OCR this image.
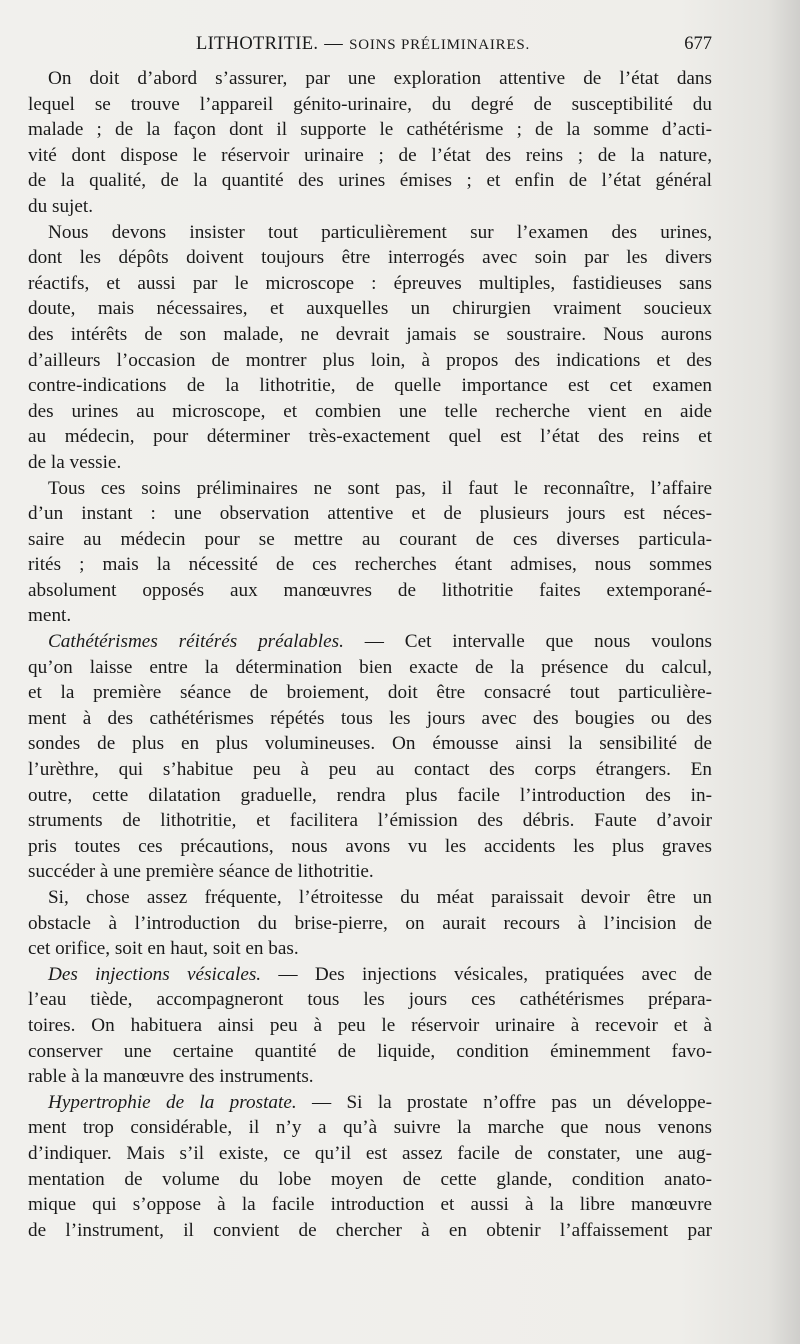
LITHOTRITIE. — SOINS PRÉLIMINAIRES.	677
On doit d’abord s’assurer, par une exploration attentive de l’état dans
lequel se trouve l’appareil génito-urinaire, du degré de susceptibilité du
malade ; de la façon dont il supporte le cathétérisme ; de la somme d’acti-
vité dont dispose le réservoir urinaire ; de l’état des reins ; de la nature,
de la qualité, de la quantité des urines émises ; et enfin de l’état général
du sujet.
Nous devons insister tout particulièrement sur l’examen des urines,
dont les dépôts doivent toujours être interrogés avec soin par les divers
réactifs, et aussi par le microscope : épreuves multiples, fastidieuses sans
doute, mais nécessaires, et auxquelles un chirurgien vraiment soucieux
des intérêts de son malade, ne devrait jamais se soustraire. Nous aurons
d’ailleurs l’occasion de montrer plus loin, à propos des indications et des
contre-indications de la lithotritie, de quelle importance est cet examen
des urines au microscope, et combien une telle recherche vient en aide
au médecin, pour déterminer très-exactement quel est l’état des reins et
de la vessie.
Tous ces soins préliminaires ne sont pas, il faut le reconnaître, l’affaire
d’un instant : une observation attentive et de plusieurs jours est néces-
saire au médecin pour se mettre au courant de ces diverses particula-
rités ; mais la nécessité de ces recherches étant admises, nous sommes
absolument opposés aux manœuvres de lithotritie faites extemporané-
ment.
Cathétérismes réitérés préalables. — Cet intervalle que nous voulons
qu’on laisse entre la détermination bien exacte de la présence du calcul,
et la première séance de broiement, doit être consacré tout particulière-
ment à des cathétérismes répétés tous les jours avec des bougies ou des
sondes de plus en plus volumineuses. On émousse ainsi la sensibilité de
l’urèthre, qui s’habitue peu à peu au contact des corps étrangers. En
outre, cette dilatation graduelle, rendra plus facile l’introduction des in-
struments de lithotritie, et facilitera l’émission des débris. Faute d’avoir
pris toutes ces précautions, nous avons vu les accidents les plus graves
succéder à une première séance de lithotritie.
Si, chose assez fréquente, l’étroitesse du méat paraissait devoir être un
obstacle à l’introduction du brise-pierre, on aurait recours à l’incision de
cet orifice, soit en haut, soit en bas.
Des injections vésicales. — Des injections vésicales, pratiquées avec de
l’eau tiède, accompagneront tous les jours ces cathétérismes prépara-
toires. On habituera ainsi peu à peu le réservoir urinaire à recevoir et à
conserver une certaine quantité de liquide, condition éminemment favo-
rable à la manœuvre des instruments.
Hypertrophie de la prostate. — Si la prostate n’offre pas un développe-
ment trop considérable, il n’y a qu’à suivre la marche que nous venons
d’indiquer. Mais s’il existe, ce qu’il est assez facile de constater, une aug-
mentation de volume du lobe moyen de cette glande, condition anato-
mique qui s’oppose à la facile introduction et aussi à la libre manœuvre
de l’instrument, il convient de chercher à en obtenir l’affaissement par
